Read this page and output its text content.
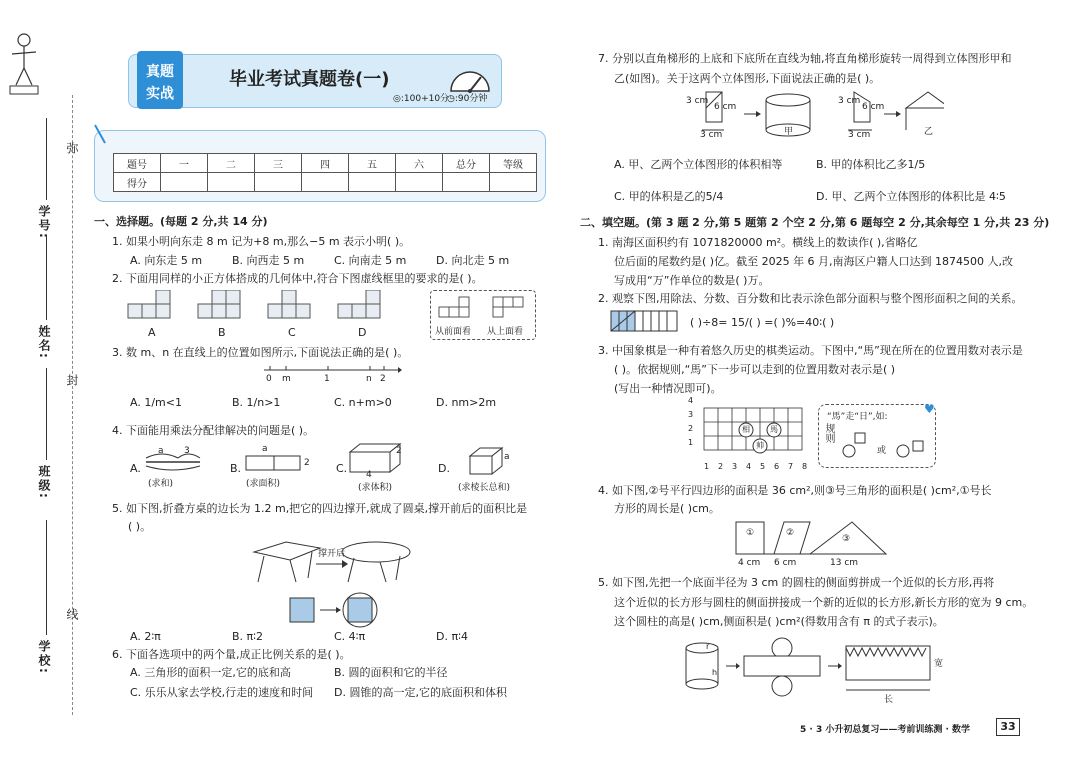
弥
封
线
学号:
姓名:
班级:
学校:
真题
实战
毕业考试真题卷(一)
◎:100+10分
◷:90分钟
题号	一	二	三	四	五	六	总分	等级
得分								
一、选择题。(每题 2 分,共 14 分)
1. 如果小明向东走 8 m 记为+8 m,那么−5 m 表示小明( )。
A. 向东走 5 m	B. 向西走 5 m	C. 向南走 5 m	D. 向北走 5 m
2. 下面用同样的小正方体搭成的几何体中,符合下图虚线框里的要求的是( )。
A	B	C	D	从前面看 从上面看
3. 数 m、n 在直线上的位置如图所示,下面说法正确的是( )。
0 m	1	n 2
A. 1/m<1	B. 1/n>1	C. n+m>0	D. nm>2m
4. 下面能用乘法分配律解决的问题是( )。
A.
a 3
(求和)
B.
a
2
(求面积)
C.
2
4
(求体积)
D.
a
(求棱长总和)
5. 如下图,折叠方桌的边长为 1.2 m,把它的四边撑开,就成了圆桌,撑开前后的面积比是
( )。
撑开后
A. 2∶π	B. π∶2	C. 4∶π	D. π∶4
6. 下面各选项中的两个量,成正比例关系的是( )。
A. 三角形的面积一定,它的底和高	B. 圆的面积和它的半径
C. 乐乐从家去学校,行走的速度和时间 D. 圆锥的高一定,它的底面积和体积
7. 分别以直角梯形的上底和下底所在直线为轴,将直角梯形旋转一周得到立体图形甲和
乙(如图)。关于这两个立体图形,下面说法正确的是( )。
3 cm
6 cm
3 cm	甲
3 cm
6 cm
3 cm	乙
A. 甲、乙两个立体图形的体积相等	B. 甲的体积比乙多1/5
C. 甲的体积是乙的5/4	D. 甲、乙两个立体图形的体积比是 4∶5
二、填空题。(第 3 题 2 分,第 5 题第 2 个空 2 分,第 6 题每空 2 分,其余每空 1 分,共 23 分)
1. 南海区面积约有 1071820000 m²。横线上的数读作( ),省略亿
位后面的尾数约是( )亿。截至 2025 年 6 月,南海区户籍人口达到 1874500 人,改
写成用“万”作单位的数是( )万。
2. 观察下图,用除法、分数、百分数和比表示涂色部分面积与整个图形面积之间的关系。
( )÷8= 15/( ) =( )%=40∶( )
3. 中国象棋是一种有着悠久历史的棋类运动。下图中,“馬”现在所在的位置用数对表示是
( )。依据规则,“馬”下一步可以走到的位置用数对表示是( )
(写出一种情况即可)。
相	馬
帅
1
2
3
4
1 2 3 4 5 6 7 8
规则
“馬”走“日”,如:
或
♥
4. 如下图,②号平行四边形的面积是 36 cm²,则③号三角形的面积是( )cm²,①号长
方形的周长是( )cm。
①	②
③
4 cm 6 cm	13 cm
5. 如下图,先把一个底面半径为 3 cm 的圆柱的侧面剪拼成一个近似的长方形,再将
这个近似的长方形与圆柱的侧面拼接成一个新的近似的长方形,新长方形的宽为 9 cm。
这个圆柱的高是( )cm,侧面积是( )cm²(得数用含有 π 的式子表示)。
r
h
宽
长
5 · 3 小升初总复习——考前训练测 · 数学	33
